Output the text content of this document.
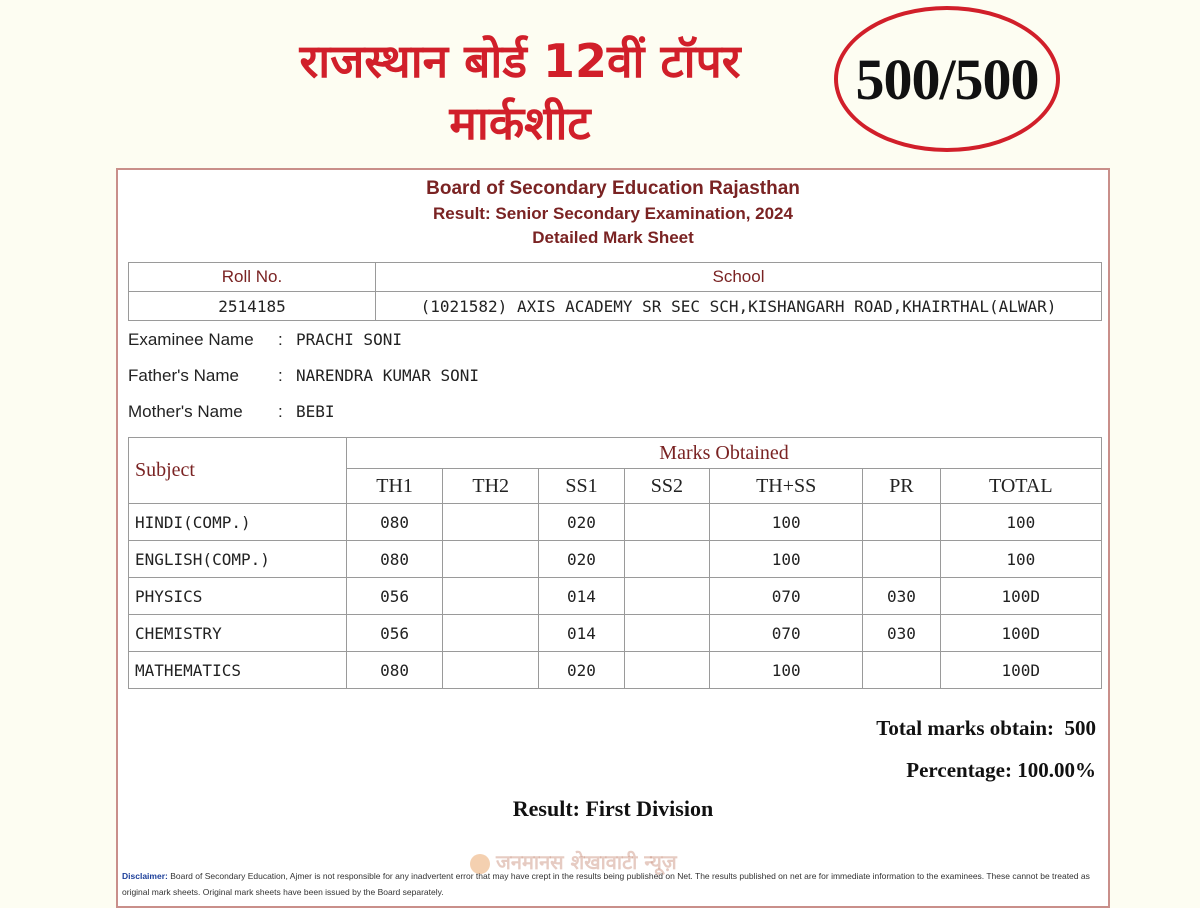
राजस्थान बोर्ड 12वीं टॉपर
मार्कशीट
500/500
Board of Secondary Education Rajasthan
Result: Senior Secondary Examination, 2024
Detailed Mark Sheet
Roll No.	School
2514185	(1021582) AXIS ACADEMY SR SEC SCH,KISHANGARH ROAD,KHAIRTHAL(ALWAR)
Examinee Name : PRACHI SONI
Father's Name : NARENDRA KUMAR SONI
Mother's Name : BEBI
Subject	Marks Obtained						
	TH1	TH2	SS1	SS2	TH+SS	PR	TOTAL
HINDI(COMP.)	080		020		100		100
ENGLISH(COMP.)	080		020		100		100
PHYSICS	056		014		070	030	100D
CHEMISTRY	056		014		070	030	100D
MATHEMATICS	080		020		100		100D
Total marks obtain: 500
Percentage: 100.00%
Result: First Division
Disclaimer: Board of Secondary Education, Ajmer is not responsible for any inadvertent error that may have crept in the results being published on Net. The results published on net are for immediate information to the examinees. These cannot be treated as original mark sheets. Original mark sheets have been issued by the Board separately.
जनमानस शेखावाटी न्यूज़
